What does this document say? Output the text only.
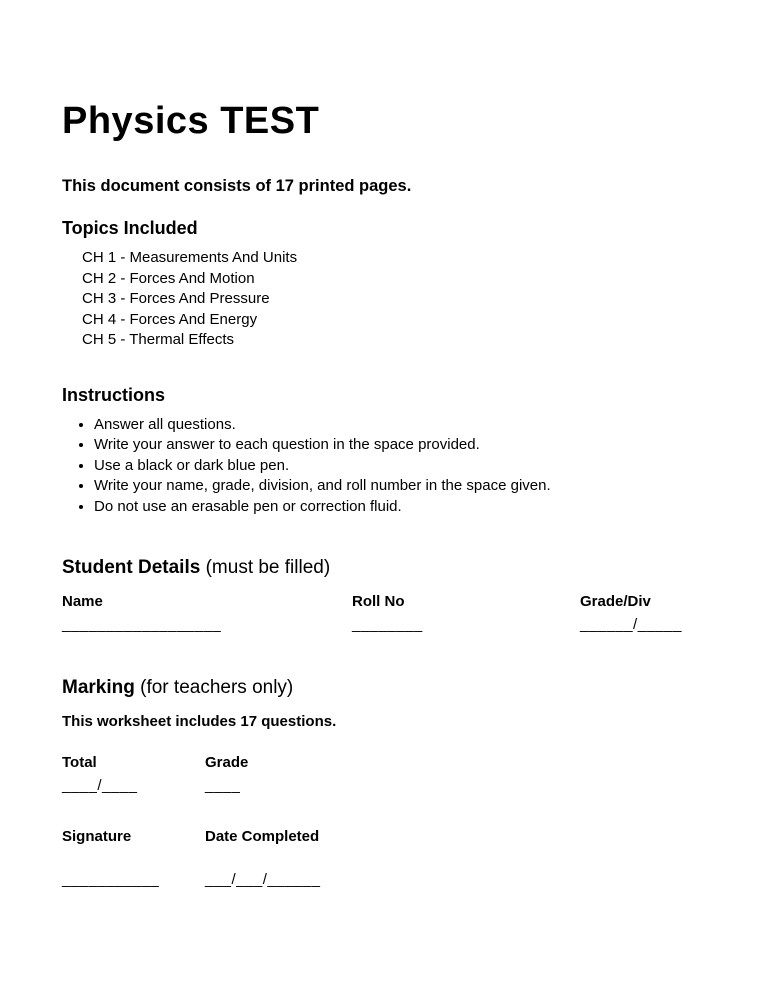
Physics TEST

This document consists of 17 printed pages.

Topics Included
CH 1 - Measurements And Units
CH 2 - Forces And Motion
CH 3 - Forces And Pressure
CH 4 - Forces And Energy
CH 5 - Thermal Effects
Instructions
• Answer all questions.
• Write your answer to each question in the space provided.
• Use a black or dark blue pen.
• Write your name, grade, division, and roll number in the space given.
• Do not use an erasable pen or correction fluid.

Student Details (must be filled)

Name	Roll No	Grade/Div
__________________	________	______/_____

Marking (for teachers only)

This worksheet includes 17 questions.

Total	Grade
____/____	____
Signature	Date Completed
___________	___/___/______
